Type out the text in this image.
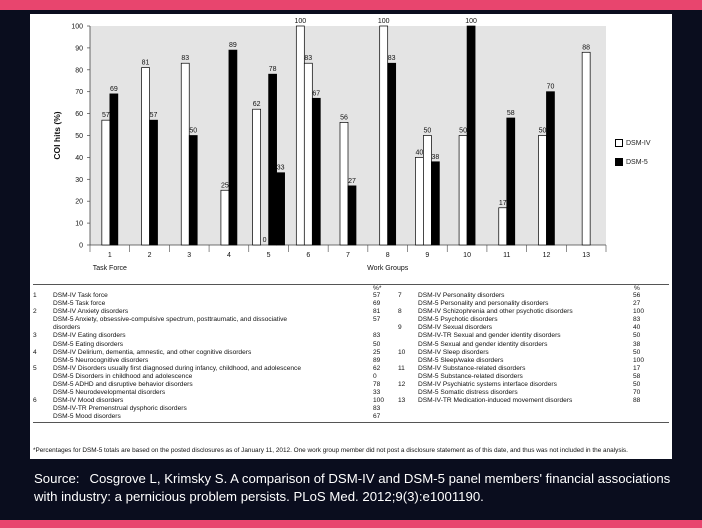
0
10
20
30
40
50
60
70
80
90
100
COI hits (%)
1	2	3	4	5	6	7	8	9	10	11	12	13
Task Force	Work Groups
57
69
81
57
83
50
25
89
62
0
78
33
100
83
67
56
27
100
83
40
50
38
50
100
17
58
50
70
88
DSM-IV
DSM-5
%*	%
1 DSM-IV Task force	57
DSM-5 Task force	69
2 DSM-IV Anxiety disorders	81
DSM-5 Anxiety, obsessive-compulsive spectrum, posttraumatic, and dissociative	57
disorders
3 DSM-IV Eating disorders	83
DSM-5 Eating disorders	50
4 DSM-IV Delirium, dementia, amnestic, and other cognitive disorders	25
DSM-5 Neurocognitive disorders	89
5 DSM-IV Disorders usually first diagnosed during infancy, childhood, and adolescence	62
DSM-5 Disorders in childhood and adolescence	0
DSM-5 ADHD and disruptive behavior disorders	78
DSM-5 Neurodevelopmental disorders	33
6 DSM-IV Mood disorders	100
DSM-IV-TR Premenstrual dysphoric disorders	83
DSM-5 Mood disorders	67
7 DSM-IV Personality disorders	56
DSM-5 Personality and personality disorders	27
8 DSM-IV Schizophrenia and other psychotic disorders	100
DSM-5 Psychotic disorders	83
9 DSM-IV Sexual disorders	40
DSM-IV-TR Sexual and gender identity disorders	50
DSM-5 Sexual and gender identity disorders	38
10 DSM-IV Sleep disorders	50
DSM-5 Sleep/wake disorders	100
11 DSM-IV Substance-related disorders	17
DSM-5 Substance-related disorders	58
12 DSM-IV Psychiatric systems interface disorders	50
DSM-5 Somatic distress disorders	70
13 DSM-IV-TR Medication-induced movement disorders	88
*Percentages for DSM-5 totals are based on the posted disclosures as of January 11, 2012. One work group member did not post a disclosure statement as of this date, and thus was not included in the analysis.
Source: Cosgrove L, Krimsky S. A comparison of DSM-IV and DSM-5 panel members' financial associations with industry: a pernicious problem persists. PLoS Med. 2012;9(3):e1001190.
